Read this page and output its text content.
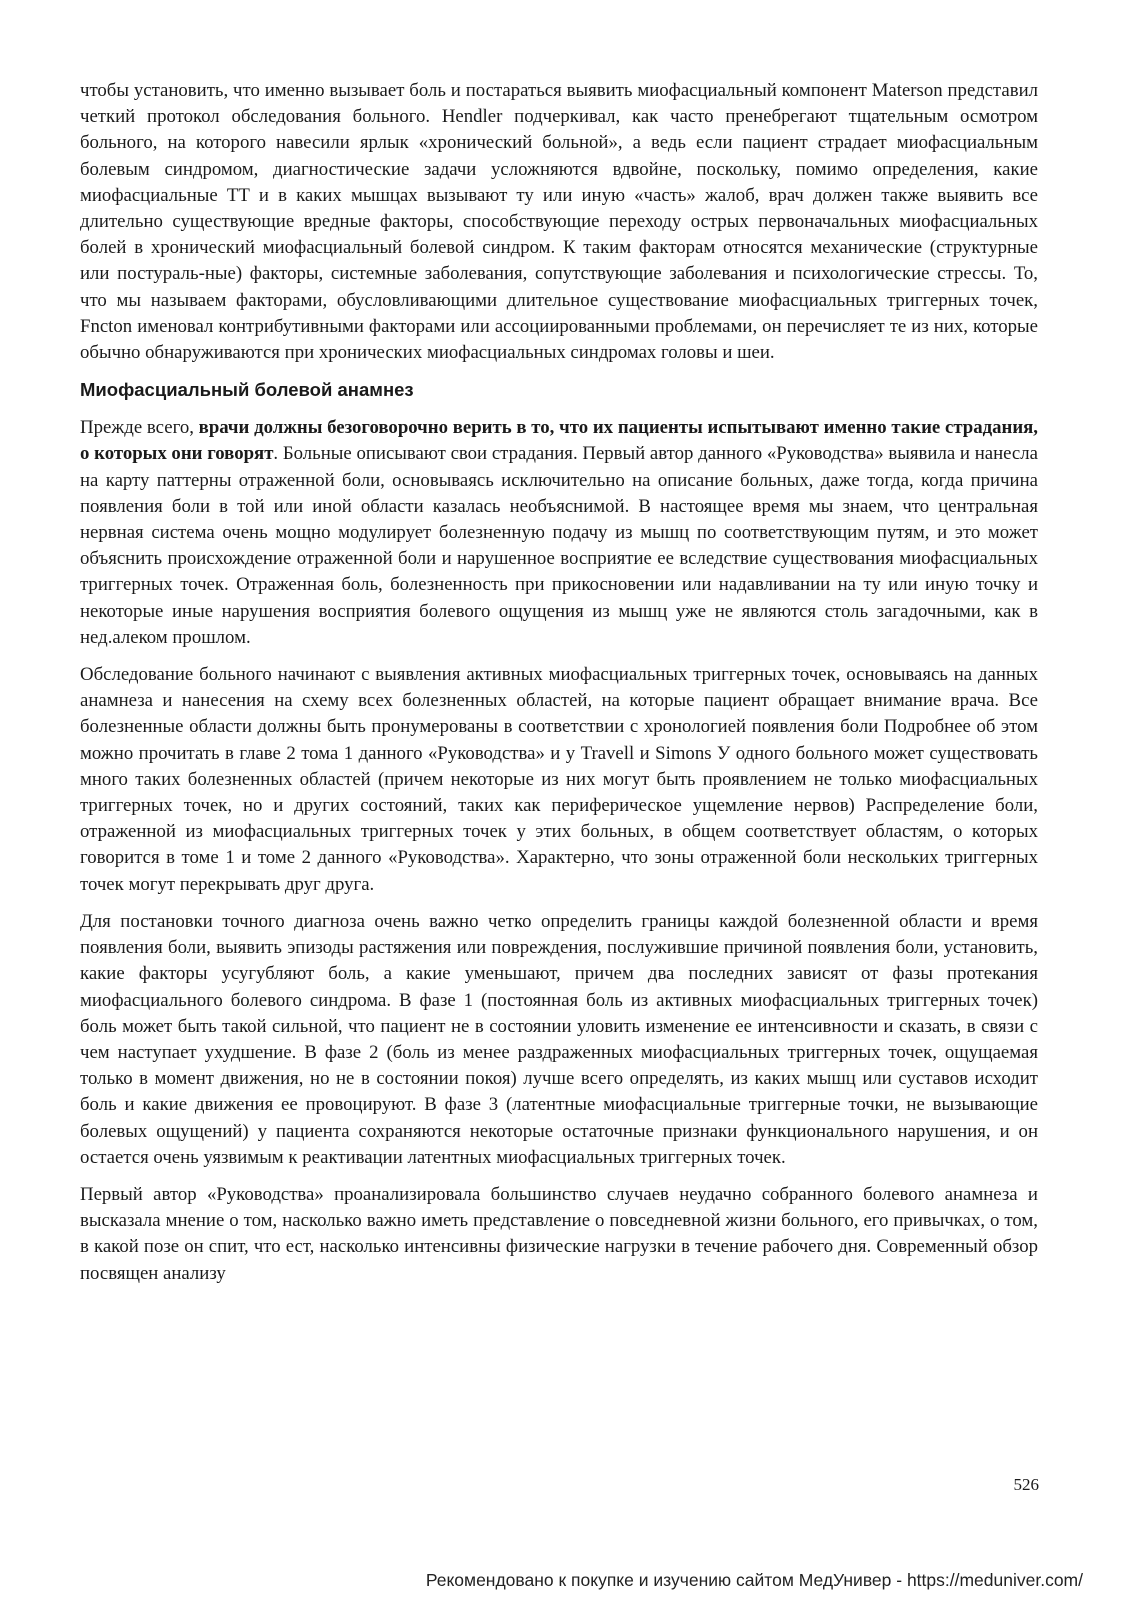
чтобы установить, что именно вызывает боль и постараться выявить миофасциальный компонент Materson представил четкий протокол обследования больного. Hendler подчеркивал, как часто пренебрегают тщательным осмотром больного, на которого навесили ярлык «хронический больной», а ведь если пациент страдает миофасциальным болевым синдромом, диагностические задачи усложняются вдвойне, поскольку, помимо определения, какие миофасциальные ТТ и в каких мышцах вызывают ту или иную «часть» жалоб, врач должен также выявить все длительно существующие вредные факторы, способствующие переходу острых первоначальных миофасциальных болей в хронический миофасциальный болевой синдром. К таким факторам относятся механические (структурные или постураль-ные) факторы, системные заболевания, сопутствующие заболевания и психологические стрессы. То, что мы называем факторами, обусловливающими длительное существование миофасциальных триггерных точек, Fncton именовал контрибутивными факторами или ассоциированными проблемами, он перечисляет те из них, которые обычно обнаруживаются при хронических миофасциальных синдромах головы и шеи.

Миофасциальный болевой анамнез

Прежде всего, врачи должны безоговорочно верить в то, что их пациенты испытывают именно такие страдания, о которых они говорят. Больные описывают свои страдания. Первый автор данного «Руководства» выявила и нанесла на карту паттерны отраженной боли, основываясь исключительно на описание больных, даже тогда, когда причина появления боли в той или иной области казалась необъяснимой. В настоящее время мы знаем, что центральная нервная система очень мощно модулирует болезненную подачу из мышц по соответствующим путям, и это может объяснить происхождение отраженной боли и нарушенное восприятие ее вследствие существования миофасциальных триггерных точек. Отраженная боль, болезненность при прикосновении или надавливании на ту или иную точку и некоторые иные нарушения восприятия болевого ощущения из мышц уже не являются столь загадочными, как в нед.алеком прошлом.

Обследование больного начинают с выявления активных миофасциальных триггерных точек, основываясь на данных анамнеза и нанесения на схему всех болезненных областей, на которые пациент обращает внимание врача. Все болезненные области должны быть пронумерованы в соответствии с хронологией появления боли Подробнее об этом можно прочитать в главе 2 тома 1 данного «Руководства» и у Travell и Simons У одного больного может существовать много таких болезненных областей (причем некоторые из них могут быть проявлением не только миофасциальных триггерных точек, но и других состояний, таких как периферическое ущемление нервов) Распределение боли, отраженной из миофасциальных триггерных точек у этих больных, в общем соответствует областям, о которых говорится в томе 1 и томе 2 данного «Руководства». Характерно, что зоны отраженной боли нескольких триггерных точек могут перекрывать друг друга.

Для постановки точного диагноза очень важно четко определить границы каждой болезненной области и время появления боли, выявить эпизоды растяжения или повреждения, послужившие причиной появления боли, установить, какие факторы усугубляют боль, а какие уменьшают, причем два последних зависят от фазы протекания миофасциального болевого синдрома. В фазе 1 (постоянная боль из активных миофасциальных триггерных точек) боль может быть такой сильной, что пациент не в состоянии уловить изменение ее интенсивности и сказать, в связи с чем наступает ухудшение. В фазе 2 (боль из менее раздраженных миофасциальных триггерных точек, ощущаемая только в момент движения, но не в состоянии покоя) лучше всего определять, из каких мышц или суставов исходит боль и какие движения ее провоцируют. В фазе 3 (латентные миофасциальные триггерные точки, не вызывающие болевых ощущений) у пациента сохраняются некоторые остаточные признаки функционального нарушения, и он остается очень уязвимым к реактивации латентных миофасциальных триггерных точек.

Первый автор «Руководства» проанализировала большинство случаев неудачно собранного болевого анамнеза и высказала мнение о том, насколько важно иметь представление о повседневной жизни больного, его привычках, о том, в какой позе он спит, что ест, насколько интенсивны физические нагрузки в течение рабочего дня. Современный обзор посвящен анализу

526
Рекомендовано к покупке и изучению сайтом МедУнивер - https://meduniver.com/
